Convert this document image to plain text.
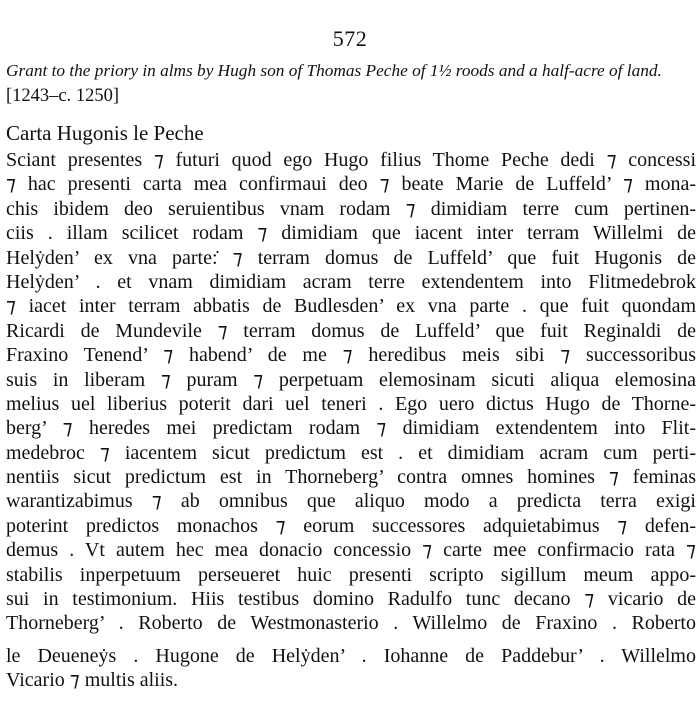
572
Grant to the priory in alms by Hugh son of Thomas Peche of 1½ roods and a half-acre of land.
[1243–c. 1250]
Carta Hugonis le Peche
Sciant presentes ⁊ futuri quod ego Hugo filius Thome Peche dedi ⁊ concessi
⁊ hac presenti carta mea confirmaui deo ⁊ beate Marie de Luffeld’ ⁊ mona-
chis ibidem deo seruientibus vnam rodam ⁊ dimidiam terre cum pertinen-
ciis . illam scilicet rodam ⁊ dimidiam que iacent inter terram Willelmi de
Helẏden’ ex vna parte:̇ ⁊ terram domus de Luffeld’ que fuit Hugonis de
Helẏden’ . et vnam dimidiam acram terre extendentem into Flitmedebrok
⁊ iacet inter terram abbatis de Budlesden’ ex vna parte . que fuit quondam
Ricardi de Mundevile ⁊ terram domus de Luffeld’ que fuit Reginaldi de
Fraxino Tenend’ ⁊ habend’ de me ⁊ heredibus meis sibi ⁊ successoribus
suis in liberam ⁊ puram ⁊ perpetuam elemosinam sicuti aliqua elemosina
melius uel liberius poterit dari uel teneri . Ego uero dictus Hugo de Thorne-
berg’ ⁊ heredes mei predictam rodam ⁊ dimidiam extendentem into Flit-
medebroc ⁊ iacentem sicut predictum est . et dimidiam acram cum perti-
nentiis sicut predictum est in Thorneberg’ contra omnes homines ⁊ feminas
warantizabimus ⁊ ab omnibus que aliquo modo a predicta terra exigi
poterint predictos monachos ⁊ eorum successores adquietabimus ⁊ defen-
demus . Vt autem hec mea donacio concessio ⁊ carte mee confirmacio rata ⁊
stabilis inperpetuum perseueret huic presenti scripto sigillum meum appo-
sui in testimonium. Hiis testibus domino Radulfo tunc decano ⁊ vicario de
Thorneberg’ . Roberto de Westmonasterio . Willelmo de Fraxino . Roberto
le Deueneẏs . Hugone de Helẏden’ . Iohanne de Paddebur’ . Willelmo
Vicario ⁊ multis aliis.
